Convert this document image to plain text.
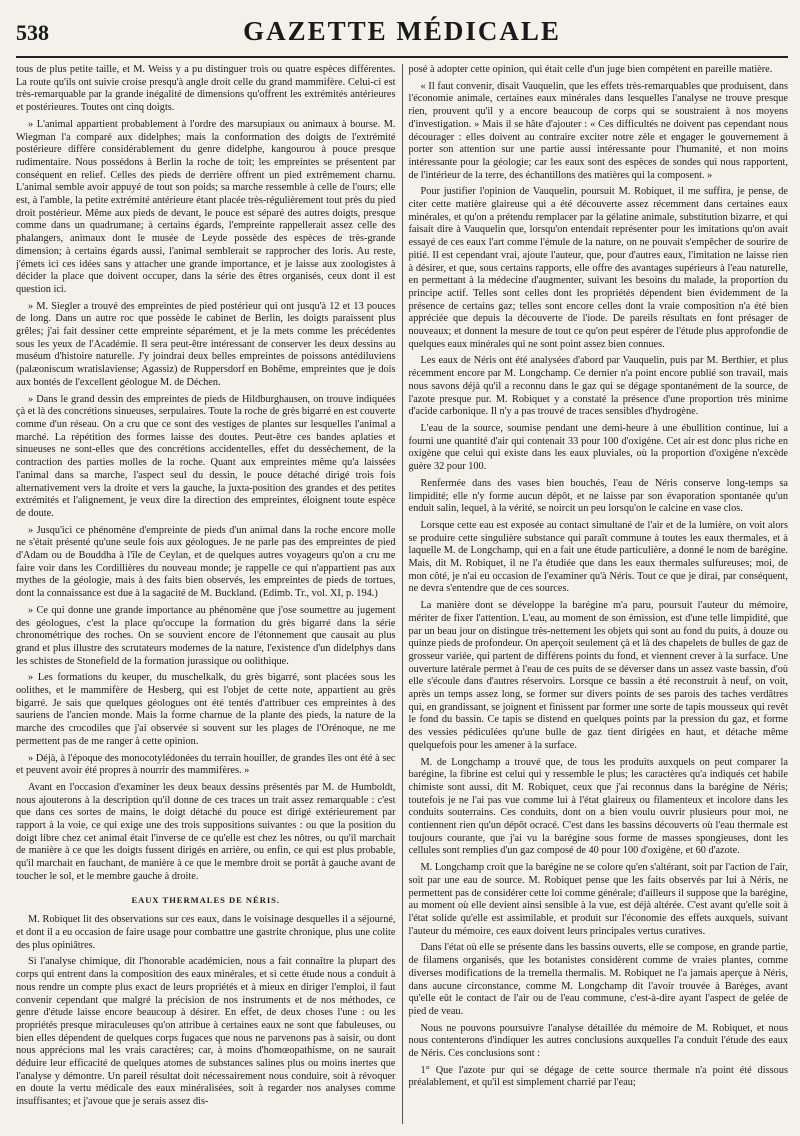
538	GAZETTE MÉDICALE

tous de plus petite taille, et M. Weiss y a pu distinguer trois ou quatre espèces différentes. La route qu'ils ont suivie croise presqu'à angle droit celle du grand mammifère. Celui-ci est très-remarquable par la grande inégalité de dimensions qu'offrent les extrémités antérieures et postérieures. Toutes ont cinq doigts.

» L'animal appartient probablement à l'ordre des marsupiaux ou animaux à bourse. M. Wiegman l'a comparé aux didelphes; mais la conformation des doigts de l'extrémité postérieure diffère considérablement du genre didelphe, kangourou à pouce presque rudimentaire. Nous possédons à Berlin la roche de toit; les empreintes se présentent par conséquent en relief. Celles des pieds de derrière offrent un pied extrêmement charnu. L'animal semble avoir appuyé de tout son poids; sa marche ressemble à celle de l'ours; elle est, à l'amble, la petite extrémité antérieure étant placée très-régulièrement tout près du pied droit postérieur. Même aux pieds de devant, le pouce est séparé des autres doigts, presque comme dans un quadrumane; à certains égards, l'empreinte rappellerait assez celle des phalangers, animaux dont le musée de Leyde possède des espèces de très-grande dimension; à certains égards aussi, l'animal semblerait se rapprocher des loris. Au reste, j'émets ici ces idées sans y attacher une grande importance, et je laisse aux zoologistes à décider la place que doivent occuper, dans la série des êtres organisés, ceux dont il est question ici.

» M. Siegler a trouvé des empreintes de pied postérieur qui ont jusqu'à 12 et 13 pouces de long. Dans un autre roc que possède le cabinet de Berlin, les doigts paraissent plus grêles; j'ai fait dessiner cette empreinte séparément, et je la mets comme les précédentes sous les yeux de l'Académie. Il sera peut-être intéressant de conserver les deux dessins au muséum d'histoire naturelle. J'y joindrai deux belles empreintes de poissons antédiluviens (palæoniscum wratislaviense; Agassiz) de Ruppersdorf en Bohême, empreintes que je dois aux bontés de l'excellent géologue M. de Déchen.

» Dans le grand dessin des empreintes de pieds de Hildburghausen, on trouve indiquées çà et là des concrétions sinueuses, serpulaires. Toute la roche de grès bigarré en est couverte comme d'un réseau. On a cru que ce sont des vestiges de plantes sur lesquelles l'animal a marché. La répétition des formes laisse des doutes. Peut-être ces bandes aplaties et sinueuses ne sont-elles que des concrétions accidentelles, effet du dessèchement, de la contraction des parties molles de la roche. Quant aux empreintes même qu'a laissées l'animal dans sa marche, l'aspect seul du dessin, le pouce détaché dirigé trois fois alternativement vers la droite et vers la gauche, la juxta-position des grandes et des petites extrémités et l'alignement, je veux dire la direction des empreintes, éloignent toute espèce de doute.

» Jusqu'ici ce phénomène d'empreinte de pieds d'un animal dans la roche encore molle ne s'était présenté qu'une seule fois aux géologues. Je ne parle pas des empreintes de pied d'Adam ou de Bouddha à l'île de Ceylan, et de quelques autres voyageurs qu'on a cru me faire voir dans les Cordillières du nouveau monde; je rappelle ce qui n'appartient pas aux mythes de la géologie, mais à des faits bien observés, les empreintes de pieds de tortues, dont la connaissance est due à la sagacité de M. Buckland. (Edimb. Tr., vol. XI, p. 194.)

» Ce qui donne une grande importance au phénomène que j'ose soumettre au jugement des géologues, c'est la place qu'occupe la formation du grès bigarré dans la série chronométrique des roches. On se souvient encore de l'étonnement que causait au plus grand et plus illustre des scrutateurs modernes de la nature, l'existence d'un didelphys dans les schistes de Stonefield de la formation jurassique ou oolithique.

» Les formations du keuper, du muschelkalk, du grès bigarré, sont placées sous les oolithes, et le mammifère de Hesberg, qui est l'objet de cette note, appartient au grès bigarré. Je sais que quelques géologues ont été tentés d'attribuer ces empreintes à des sauriens de l'ancien monde. Mais la forme charnue de la plante des pieds, la nature de la marche des crocodiles que j'ai observée si souvent sur les plages de l'Orénoque, ne me permettent pas de me ranger à cette opinion.

» Déjà, à l'époque des monocotylédonées du terrain houiller, de grandes îles ont été à sec et peuvent avoir été propres à nourrir des mammifères. »

Avant en l'occasion d'examiner les deux beaux dessins présentés par M. de Humboldt, nous ajouterons à la description qu'il donne de ces traces un trait assez remarquable : c'est que dans ces sortes de mains, le doigt détaché du pouce est dirigé extérieurement par rapport à la voie, ce qui exige une des trois suppositions suivantes : ou que la position du doigt libre chez cet animal était l'inverse de ce qu'elle est chez les nôtres, ou qu'il marchait de manière à ce que les doigts fussent dirigés en arrière, ou enfin, ce qui est plus probable, qu'il marchait en fauchant, de manière à ce que le membre droit se portât à gauche avant de toucher le sol, et le membre gauche à droite.

EAUX THERMALES DE NÉRIS.

M. Robiquet lit des observations sur ces eaux, dans le voisinage desquelles il a séjourné, et dont il a eu occasion de faire usage pour combattre une gastrite chronique, plus une colite des plus opiniâtres.

Si l'analyse chimique, dit l'honorable académicien, nous a fait connaître la plupart des corps qui entrent dans la composition des eaux minérales, et si cette étude nous a conduit à nous rendre un compte plus exact de leurs propriétés et à mieux en diriger l'emploi, il faut convenir cependant que malgré la précision de nos instruments et de nos méthodes, ce genre d'étude laisse encore beaucoup à désirer. En effet, de deux choses l'une : ou les propriétés presque miraculeuses qu'on attribue à certaines eaux ne sont que fabuleuses, ou bien elles dépendent de quelques corps fugaces que nous ne parvenons pas à saisir, ou dont nous apprécions mal les vrais caractères; car, à moins d'homœopathisme, on ne saurait déduire leur efficacité de quelques atomes de substances salines plus ou moins inertes que l'analyse y démontre. Un pareil résultat doit nécessairement nous conduire, soit à révoquer en doute la vertu médicale des eaux minéralisées, soit à regarder nos analyses comme insuffisantes; et j'avoue que je serais assez dis-

posé à adopter cette opinion, qui était celle d'un juge bien compétent en pareille matière.

« Il faut convenir, disait Vauquelin, que les effets très-remarquables que produisent, dans l'économie animale, certaines eaux minérales dans lesquelles l'analyse ne trouve presque rien, prouvent qu'il y a encore beaucoup de corps qui se soustraient à nos moyens d'investigation. » Mais il se hâte d'ajouter : « Ces difficultés ne doivent pas cependant nous décourager : elles doivent au contraire exciter notre zèle et engager le gouvernement à porter son attention sur une partie aussi intéressante pour l'humanité, et non moins intéressante pour la géologie; car les eaux sont des espèces de sondes qui nous rapportent, de l'intérieur de la terre, des échantillons des matières qui la composent. »

Pour justifier l'opinion de Vauquelin, poursuit M. Robiquet, il me suffira, je pense, de citer cette matière glaireuse qui a été découverte assez récemment dans certaines eaux minérales, et qu'on a prétendu remplacer par la gélatine animale, substitution bizarre, et qui faisait dire à Vauquelin que, lorsqu'on entendait représenter pour les imitations qu'on avait essayé de ces eaux l'art comme l'émule de la nature, on ne pouvait s'empêcher de sourire de pitié. Il est cependant vrai, ajoute l'auteur, que, pour d'autres eaux, l'imitation ne laisse rien à désirer, et que, sous certains rapports, elle offre des avantages supérieurs à l'eau naturelle, en permettant à la médecine d'augmenter, suivant les besoins du malade, la proportion du principe actif. Telles sont celles dont les propriétés dépendent bien évidemment de la présence de certains gaz; telles sont encore celles dont la vraie composition n'a été bien appréciée que depuis la découverte de l'iode. De pareils résultats en font présager de nouveaux; et donnent la mesure de tout ce qu'on peut espérer de l'étude plus approfondie de quelques eaux minérales qui ne sont point assez bien connues.

Les eaux de Néris ont été analysées d'abord par Vauquelin, puis par M. Berthier, et plus récemment encore par M. Longchamp. Ce dernier n'a point encore publié son travail, mais nous savons déjà qu'il a reconnu dans le gaz qui se dégage spontanément de la source, de l'azote presque pur. M. Robiquet y a constaté la présence d'une proportion très minime d'acide carbonique. Il n'y a pas trouvé de traces sensibles d'hydrogène.

L'eau de la source, soumise pendant une demi-heure à une ébullition continue, lui a fourni une quantité d'air qui contenait 33 pour 100 d'oxigène. Cet air est donc plus riche en oxigène que celui qui existe dans les eaux pluviales, où la proportion d'oxigène n'excède guère 32 pour 100.

Renfermée dans des vases bien bouchés, l'eau de Néris conserve long-temps sa limpidité; elle n'y forme aucun dépôt, et ne laisse par son évaporation spontanée qu'un enduit salin, lequel, à la vérité, se noircit un peu lorsqu'on le calcine en vase clos.

Lorsque cette eau est exposée au contact simultané de l'air et de la lumière, on voit alors se produire cette singulière substance qui paraît commune à toutes les eaux thermales, et à laquelle M. de Longchamp, qui en a fait une étude particulière, a donné le nom de barégine. Mais, dit M. Robiquet, il ne l'a étudiée que dans les eaux thermales sulfureuses; moi, de mon côté, je n'ai eu occasion de l'examiner qu'à Néris. Tout ce que je dirai, par conséquent, ne devra s'entendre que de ces sources.

La manière dont se développe la barégine m'a paru, poursuit l'auteur du mémoire, mériter de fixer l'attention. L'eau, au moment de son émission, est d'une telle limpidité, que par un beau jour on distingue très-nettement les objets qui sont au fond du puits, à douze ou quinze pieds de profondeur. On aperçoit seulement çà et là des chapelets de bulles de gaz de grosseur variée, qui partent de différens points du fond, et viennent crever à la surface. Une ouverture latérale permet à l'eau de ces puits de se déverser dans un assez vaste bassin, d'où elle s'écoule dans d'autres réservoirs. Lorsque ce bassin a été reconstruit à neuf, on voit, après un temps assez long, se former sur divers points de ses parois des taches verdâtres qui, en grandissant, se joignent et finissent par former une sorte de tapis mousseux qui revêt le fond du bassin. Ce tapis se distend en quelques points par la pression du gaz, et forme des vessies pédiculées qu'une bulle de gaz tient dirigées en haut, et détache même quelquefois pour les amener à la surface.

M. de Longchamp a trouvé que, de tous les produits auxquels on peut comparer la barégine, la fibrine est celui qui y ressemble le plus; les caractères qu'a indiqués cet habile chimiste sont aussi, dit M. Robiquet, ceux que j'ai reconnus dans la barégine de Néris; toutefois je ne l'ai pas vue comme lui à l'état glaireux ou filamenteux et incolore dans les conduits souterrains. Ces conduits, dont on a bien voulu ouvrir plusieurs pour moi, ne contiennent rien qu'un dépôt ocracé. C'est dans les bassins découverts où l'eau thermale est toujours courante, que j'ai vu la barégine sous forme de masses spongieuses, dont les cellules sont remplies d'un gaz composé de 40 pour 100 d'oxigène, et 60 d'azote.

M. Longchamp croit que la barégine ne se colore qu'en s'altérant, soit par l'action de l'air, soit par une eau de source. M. Robiquet pense que les faits observés par lui à Néris, ne permettent pas de considérer cette loi comme générale; d'ailleurs il suppose que la barégine, au moment où elle devient ainsi sensible à la vue, est déjà altérée. C'est avant qu'elle soit à l'état solide qu'elle est assimilable, et produit sur l'économie des effets auxquels, suivant l'auteur du mémoire, ces eaux doivent leurs principales vertus curatives.

Dans l'état où elle se présente dans les bassins ouverts, elle se compose, en grande partie, de filamens organisés, que les botanistes considèrent comme de vraies plantes, comme diverses modifications de la tremella thermalis. M. Robiquet ne l'a jamais aperçue à Néris, dans aucune circonstance, comme M. Longchamp dit l'avoir trouvée à Barèges, avant qu'elle eût le contact de l'air ou de l'eau commune, c'est-à-dire ayant l'aspect de gelée de pied de veau.

Nous ne pouvons poursuivre l'analyse détaillée du mémoire de M. Robiquet, et nous nous contenterons d'indiquer les autres conclusions auxquelles l'a conduit l'étude des eaux de Néris. Ces conclusions sont :

1° Que l'azote pur qui se dégage de cette source thermale n'a point été dissous préalablement, et qu'il est simplement charrié par l'eau;
